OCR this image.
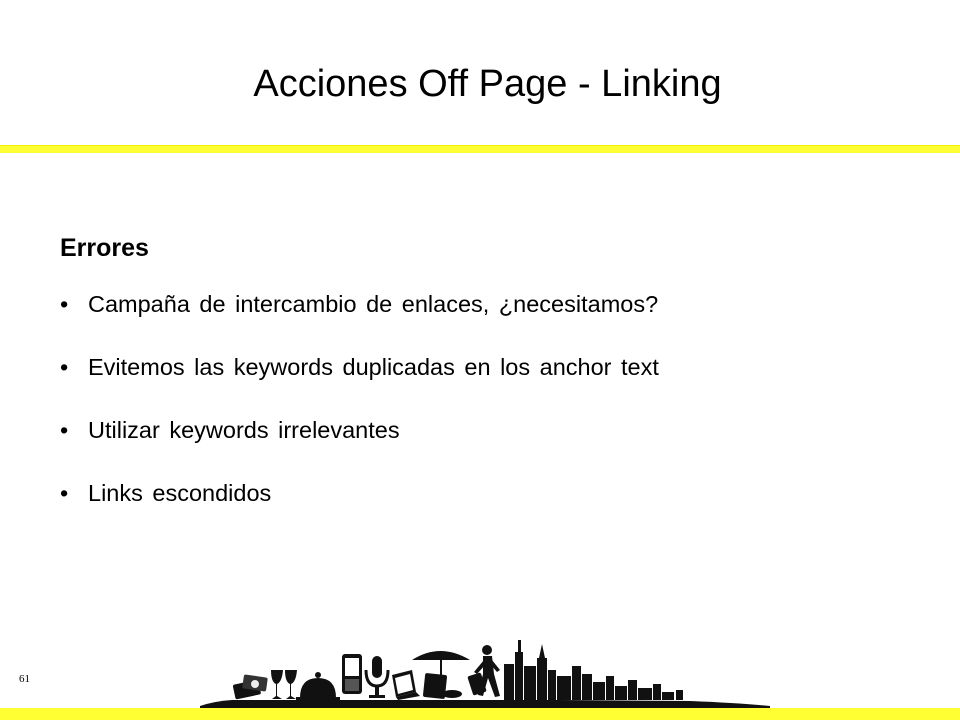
Acciones Off Page - Linking
Errores
• Campaña de intercambio de enlaces, ¿necesitamos?
• Evitemos las keywords duplicadas en los anchor text
• Utilizar keywords irrelevantes
• Links escondidos
61
